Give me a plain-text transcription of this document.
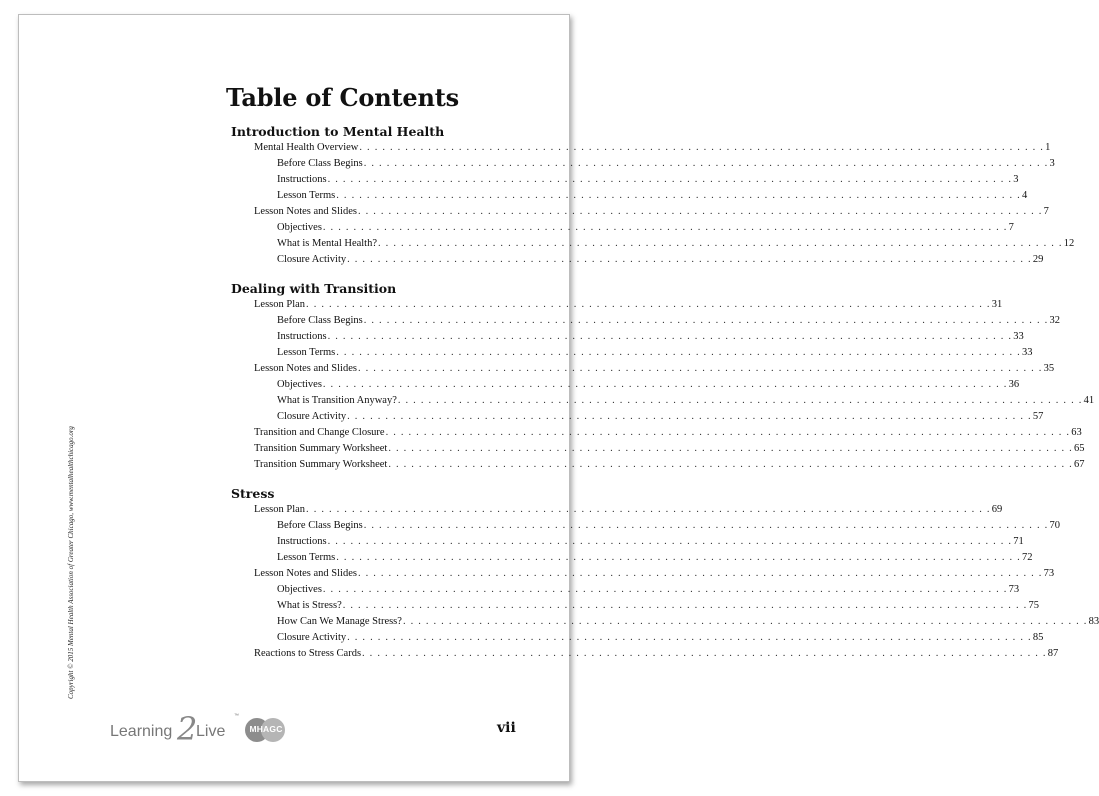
Table of Contents
Introduction to Mental Health
Mental Health Overview . . . . . . . . . . . . . . . . . . . . . . . . . . . . . . . . . . . . . . . . . . . . . . . . . . . . . . . . . . . . . . . . . . . . . . . . . . . . . . . . . . . . . . . . . . 1
Before Class Begins . . . . . . . . . . . . . . . . . . . . . . . . . . . . . . . . . . . . . . . . . . . . . . . . . . . . . . . . . . . . . . . . . . . . . . . . . . . . . . . . . . . . . . . . . . 3
Instructions . . . . . . . . . . . . . . . . . . . . . . . . . . . . . . . . . . . . . . . . . . . . . . . . . . . . . . . . . . . . . . . . . . . . . . . . . . . . . . . . . . . . . . . . . . 3
Lesson Terms . . . . . . . . . . . . . . . . . . . . . . . . . . . . . . . . . . . . . . . . . . . . . . . . . . . . . . . . . . . . . . . . . . . . . . . . . . . . . . . . . . . . . . . . . . 4
Lesson Notes and Slides . . . . . . . . . . . . . . . . . . . . . . . . . . . . . . . . . . . . . . . . . . . . . . . . . . . . . . . . . . . . . . . . . . . . . . . . . . . . . . . . . . . . . . . . . . 7
Objectives . . . . . . . . . . . . . . . . . . . . . . . . . . . . . . . . . . . . . . . . . . . . . . . . . . . . . . . . . . . . . . . . . . . . . . . . . . . . . . . . . . . . . . . . . . 7
What is Mental Health? . . . . . . . . . . . . . . . . . . . . . . . . . . . . . . . . . . . . . . . . . . . . . . . . . . . . . . . . . . . . . . . . . . . . . . . . . . . . . . . . . . . . . . . . . . 12
Closure Activity . . . . . . . . . . . . . . . . . . . . . . . . . . . . . . . . . . . . . . . . . . . . . . . . . . . . . . . . . . . . . . . . . . . . . . . . . . . . . . . . . . . . . . . . . . 29
Dealing with Transition
Lesson Plan . . . . . . . . . . . . . . . . . . . . . . . . . . . . . . . . . . . . . . . . . . . . . . . . . . . . . . . . . . . . . . . . . . . . . . . . . . . . . . . . . . . . . . . . . . 31
Before Class Begins . . . . . . . . . . . . . . . . . . . . . . . . . . . . . . . . . . . . . . . . . . . . . . . . . . . . . . . . . . . . . . . . . . . . . . . . . . . . . . . . . . . . . . . . . . 32
Instructions . . . . . . . . . . . . . . . . . . . . . . . . . . . . . . . . . . . . . . . . . . . . . . . . . . . . . . . . . . . . . . . . . . . . . . . . . . . . . . . . . . . . . . . . . . 33
Lesson Terms . . . . . . . . . . . . . . . . . . . . . . . . . . . . . . . . . . . . . . . . . . . . . . . . . . . . . . . . . . . . . . . . . . . . . . . . . . . . . . . . . . . . . . . . . . 33
Lesson Notes and Slides . . . . . . . . . . . . . . . . . . . . . . . . . . . . . . . . . . . . . . . . . . . . . . . . . . . . . . . . . . . . . . . . . . . . . . . . . . . . . . . . . . . . . . . . . . 35
Objectives . . . . . . . . . . . . . . . . . . . . . . . . . . . . . . . . . . . . . . . . . . . . . . . . . . . . . . . . . . . . . . . . . . . . . . . . . . . . . . . . . . . . . . . . . . 36
What is Transition Anyway? . . . . . . . . . . . . . . . . . . . . . . . . . . . . . . . . . . . . . . . . . . . . . . . . . . . . . . . . . . . . . . . . . . . . . . . . . . . . . . . . . . . . . . . . . . 41
Closure Activity . . . . . . . . . . . . . . . . . . . . . . . . . . . . . . . . . . . . . . . . . . . . . . . . . . . . . . . . . . . . . . . . . . . . . . . . . . . . . . . . . . . . . . . . . . 57
Transition and Change Closure . . . . . . . . . . . . . . . . . . . . . . . . . . . . . . . . . . . . . . . . . . . . . . . . . . . . . . . . . . . . . . . . . . . . . . . . . . . . . . . . . . . . . . . . . . 63
Transition Summary Worksheet . . . . . . . . . . . . . . . . . . . . . . . . . . . . . . . . . . . . . . . . . . . . . . . . . . . . . . . . . . . . . . . . . . . . . . . . . . . . . . . . . . . . . . . . . . 65
Transition Summary Worksheet . . . . . . . . . . . . . . . . . . . . . . . . . . . . . . . . . . . . . . . . . . . . . . . . . . . . . . . . . . . . . . . . . . . . . . . . . . . . . . . . . . . . . . . . . . 67
Stress
Lesson Plan . . . . . . . . . . . . . . . . . . . . . . . . . . . . . . . . . . . . . . . . . . . . . . . . . . . . . . . . . . . . . . . . . . . . . . . . . . . . . . . . . . . . . . . . . . 69
Before Class Begins . . . . . . . . . . . . . . . . . . . . . . . . . . . . . . . . . . . . . . . . . . . . . . . . . . . . . . . . . . . . . . . . . . . . . . . . . . . . . . . . . . . . . . . . . . 70
Instructions . . . . . . . . . . . . . . . . . . . . . . . . . . . . . . . . . . . . . . . . . . . . . . . . . . . . . . . . . . . . . . . . . . . . . . . . . . . . . . . . . . . . . . . . . . 71
Lesson Terms . . . . . . . . . . . . . . . . . . . . . . . . . . . . . . . . . . . . . . . . . . . . . . . . . . . . . . . . . . . . . . . . . . . . . . . . . . . . . . . . . . . . . . . . . . 72
Lesson Notes and Slides . . . . . . . . . . . . . . . . . . . . . . . . . . . . . . . . . . . . . . . . . . . . . . . . . . . . . . . . . . . . . . . . . . . . . . . . . . . . . . . . . . . . . . . . . . 73
Objectives . . . . . . . . . . . . . . . . . . . . . . . . . . . . . . . . . . . . . . . . . . . . . . . . . . . . . . . . . . . . . . . . . . . . . . . . . . . . . . . . . . . . . . . . . . 73
What is Stress? . . . . . . . . . . . . . . . . . . . . . . . . . . . . . . . . . . . . . . . . . . . . . . . . . . . . . . . . . . . . . . . . . . . . . . . . . . . . . . . . . . . . . . . . . . 75
How Can We Manage Stress? . . . . . . . . . . . . . . . . . . . . . . . . . . . . . . . . . . . . . . . . . . . . . . . . . . . . . . . . . . . . . . . . . . . . . . . . . . . . . . . . . . . . . . . . . . 83
Closure Activity . . . . . . . . . . . . . . . . . . . . . . . . . . . . . . . . . . . . . . . . . . . . . . . . . . . . . . . . . . . . . . . . . . . . . . . . . . . . . . . . . . . . . . . . . . 85
Reactions to Stress Cards . . . . . . . . . . . . . . . . . . . . . . . . . . . . . . . . . . . . . . . . . . . . . . . . . . . . . . . . . . . . . . . . . . . . . . . . . . . . . . . . . . . . . . . . . . 87
Copyright © 2015 Mental Health Association of Greater Chicago, www.mentalhealthchicago.org
Learning 2
Live
™
MHAGC	vii
